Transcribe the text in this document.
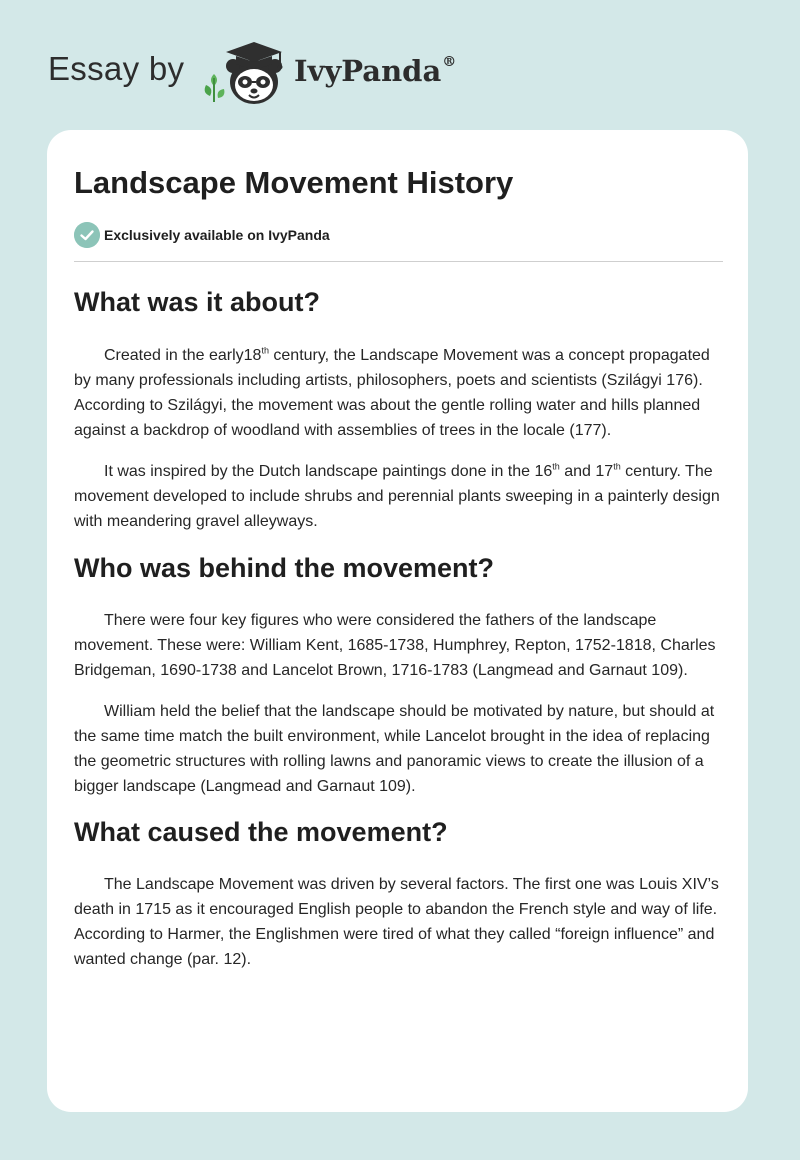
Essay by	IvyPanda®
Landscape Movement History
Exclusively available on IvyPanda
What was it about?

Created in the early18th century, the Landscape Movement was a concept propagated by many professionals including artists, philosophers, poets and scientists (Szilágyi 176). According to Szilágyi, the movement was about the gentle rolling water and hills planned against a backdrop of woodland with assemblies of trees in the locale (177).

It was inspired by the Dutch landscape paintings done in the 16th and 17th century. The movement developed to include shrubs and perennial plants sweeping in a painterly design with meandering gravel alleyways.

Who was behind the movement?

There were four key figures who were considered the fathers of the landscape movement. These were: William Kent, 1685-1738, Humphrey, Repton, 1752-1818, Charles Bridgeman, 1690-1738 and Lancelot Brown, 1716-1783 (Langmead and Garnaut 109).

William held the belief that the landscape should be motivated by nature, but should at the same time match the built environment, while Lancelot brought in the idea of replacing the geometric structures with rolling lawns and panoramic views to create the illusion of a bigger landscape (Langmead and Garnaut 109).

What caused the movement?

The Landscape Movement was driven by several factors. The first one was Louis XIV’s death in 1715 as it encouraged English people to abandon the French style and way of life. According to Harmer, the Englishmen were tired of what they called “foreign influence” and wanted change (par. 12).
